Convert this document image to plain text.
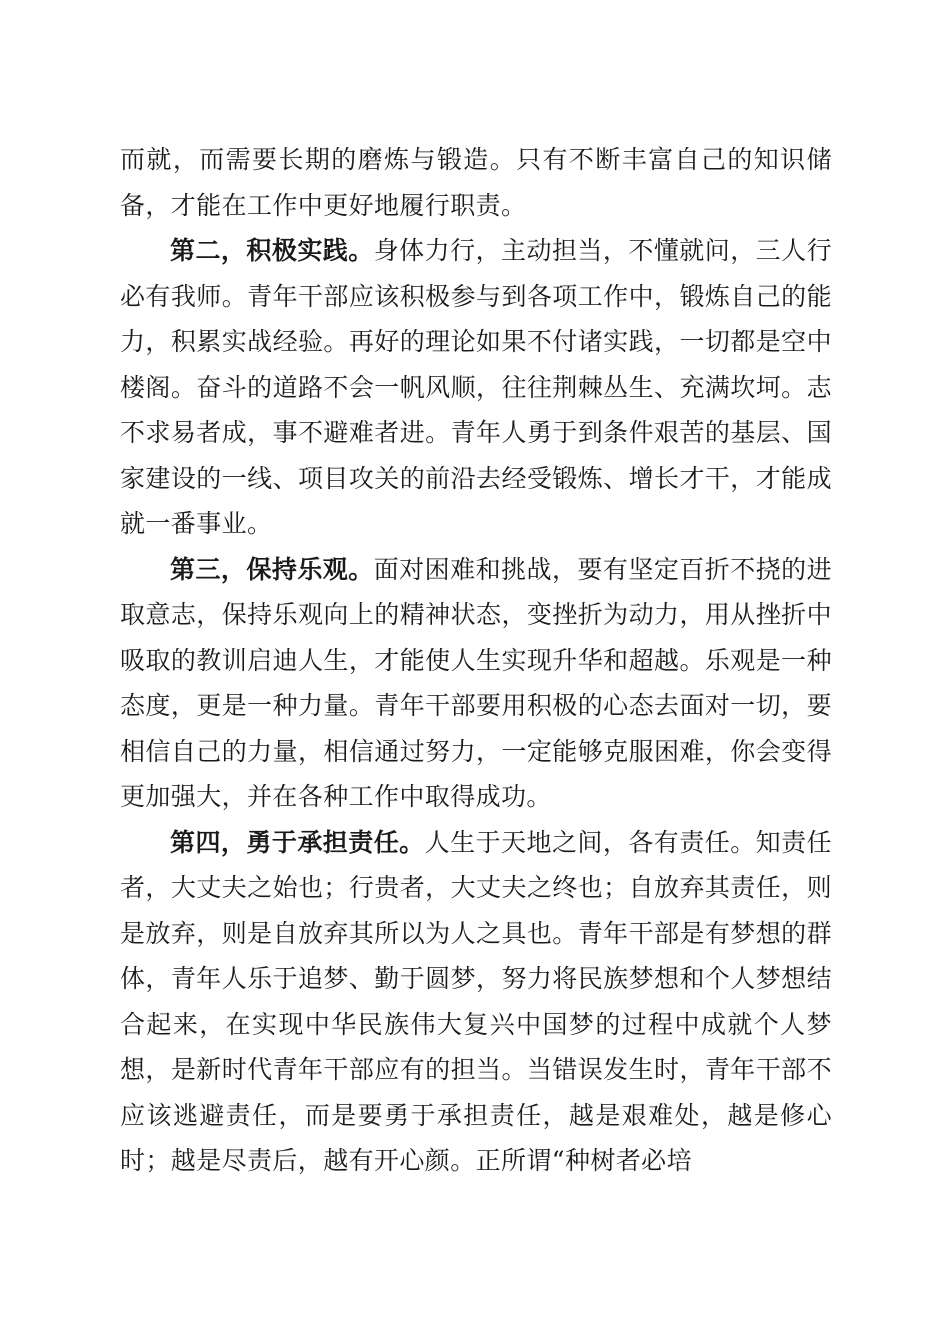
而就，而需要长期的磨炼与锻造。只有不断丰富自己的知识储备，才能在工作中更好地履行职责。

第二，积极实践。身体力行，主动担当，不懂就问，三人行必有我师。青年干部应该积极参与到各项工作中，锻炼自己的能力，积累实战经验。再好的理论如果不付诸实践，一切都是空中楼阁。奋斗的道路不会一帆风顺，往往荆棘丛生、充满坎坷。志不求易者成，事不避难者进。青年人勇于到条件艰苦的基层、国家建设的一线、项目攻关的前沿去经受锻炼、增长才干，才能成就一番事业。

第三，保持乐观。面对困难和挑战，要有坚定百折不挠的进取意志，保持乐观向上的精神状态，变挫折为动力，用从挫折中吸取的教训启迪人生，才能使人生实现升华和超越。乐观是一种态度，更是一种力量。青年干部要用积极的心态去面对一切，要相信自己的力量，相信通过努力，一定能够克服困难，你会变得更加强大，并在各种工作中取得成功。

第四，勇于承担责任。人生于天地之间，各有责任。知责任者，大丈夫之始也；行贵者，大丈夫之终也；自放弃其责任，则是放弃，则是自放弃其所以为人之具也。青年干部是有梦想的群体，青年人乐于追梦、勤于圆梦，努力将民族梦想和个人梦想结合起来，在实现中华民族伟大复兴中国梦的过程中成就个人梦想，是新时代青年干部应有的担当。当错误发生时，青年干部不应该逃避责任，而是要勇于承担责任，越是艰难处，越是修心时；越是尽责后，越有开心颜。正所谓“种树者必培
